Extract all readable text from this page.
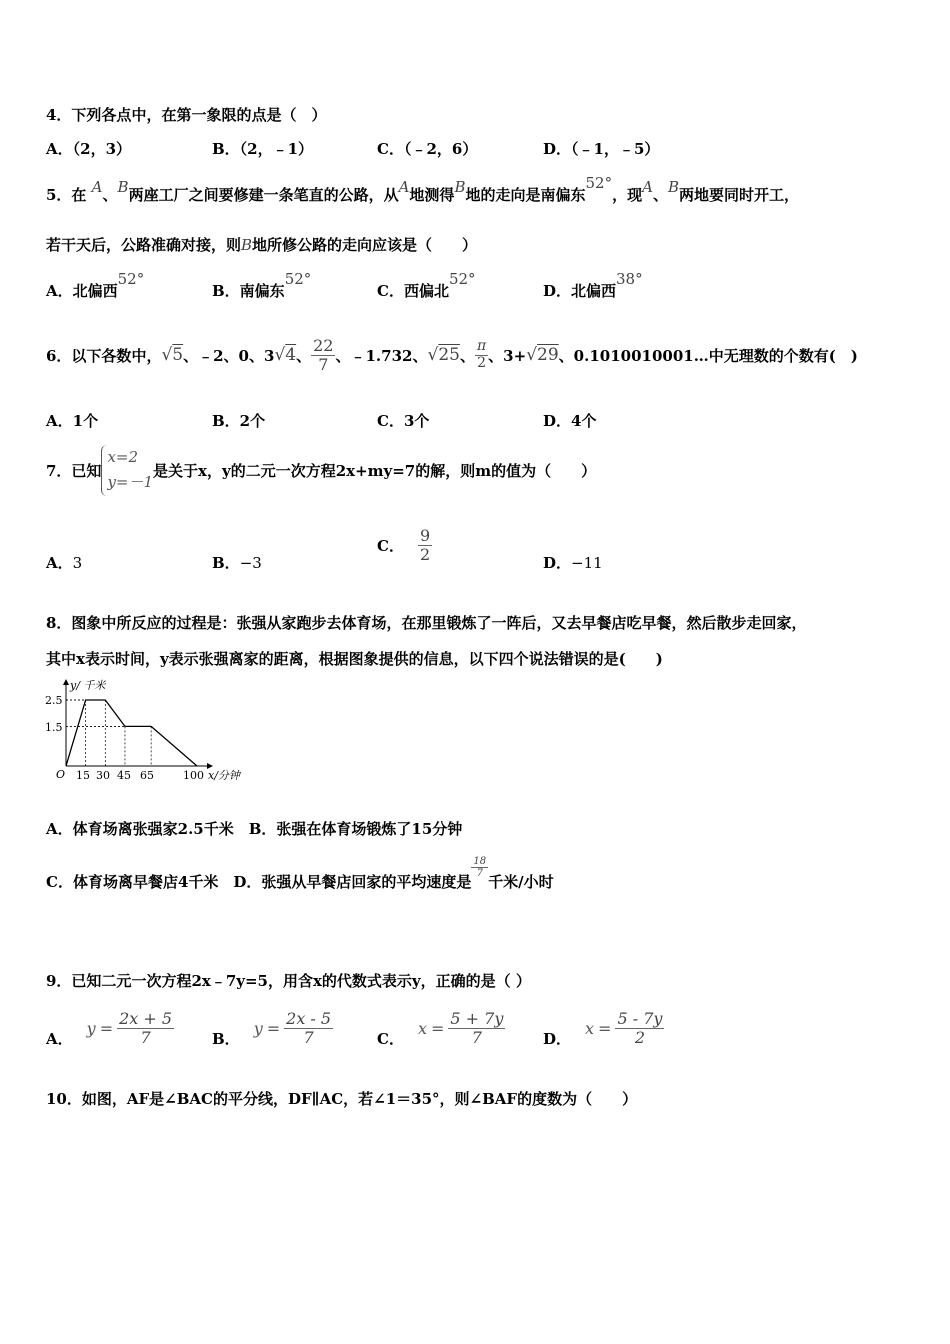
4．下列各点中，在第一象限的点是（　）
A．（2，3）	B．（2，﹣1）	C．（﹣2，6）	D．（﹣1，﹣5）
5．在 A、B两座工厂之间要修建一条笔直的公路，从A地测得B地的走向是南偏东52°，现A、B两地要同时开工，
若干天后，公路准确对接，则B地所修公路的走向应该是（　　）
A．北偏西52°
B．南偏东52°
C．西偏北52°
D．北偏西38°
6．以下各数中， √5 、﹣2、0、3 √4 、 $\frac{22}{7}$ 、﹣1.732、 √25 、 $\frac{\pi}{2}$ 、3+ √29 、0.1010010001…中无理数的个数有(　)
A．1个	B．2个	C．3个	D．4个
7．已知
x=2
y=－1
是关于x，y的二元一次方程2x+my=7的解，则m的值为（　　）
A．3	B．−3
C． $\frac{9}{2}$	D．−11
8．图象中所反应的过程是：张强从家跑步去体育场，在那里锻炼了一阵后，又去早餐店吃早餐，然后散步走回家，
其中x表示时间，y表示张强离家的距离，根据图象提供的信息，以下四个说法错误的是(　　)
y/ 千米
x/分钟
O
2.5
1.5
15 30 45 65	100
A．体育场离张强家2.5千米　B．张强在体育场锻炼了15分钟
C．体育场离早餐店4千米　D．张强从早餐店回家的平均速度是
$\frac{18}{7}$
千米/小时
9．已知二元一次方程2x﹣7y=5，用含x的代数式表示y，正确的是（ ）
A．
$y = \frac{2x + 5}{7}$	B．
$y = \frac{2x - 5}{7}$	C．
$x = \frac{5 + 7y}{7}$	D．
$x = \frac{5 - 7y}{2}$
10．如图，AF是∠BAC的平分线，DF∥AC，若∠1＝35°，则∠BAF的度数为（　　）
